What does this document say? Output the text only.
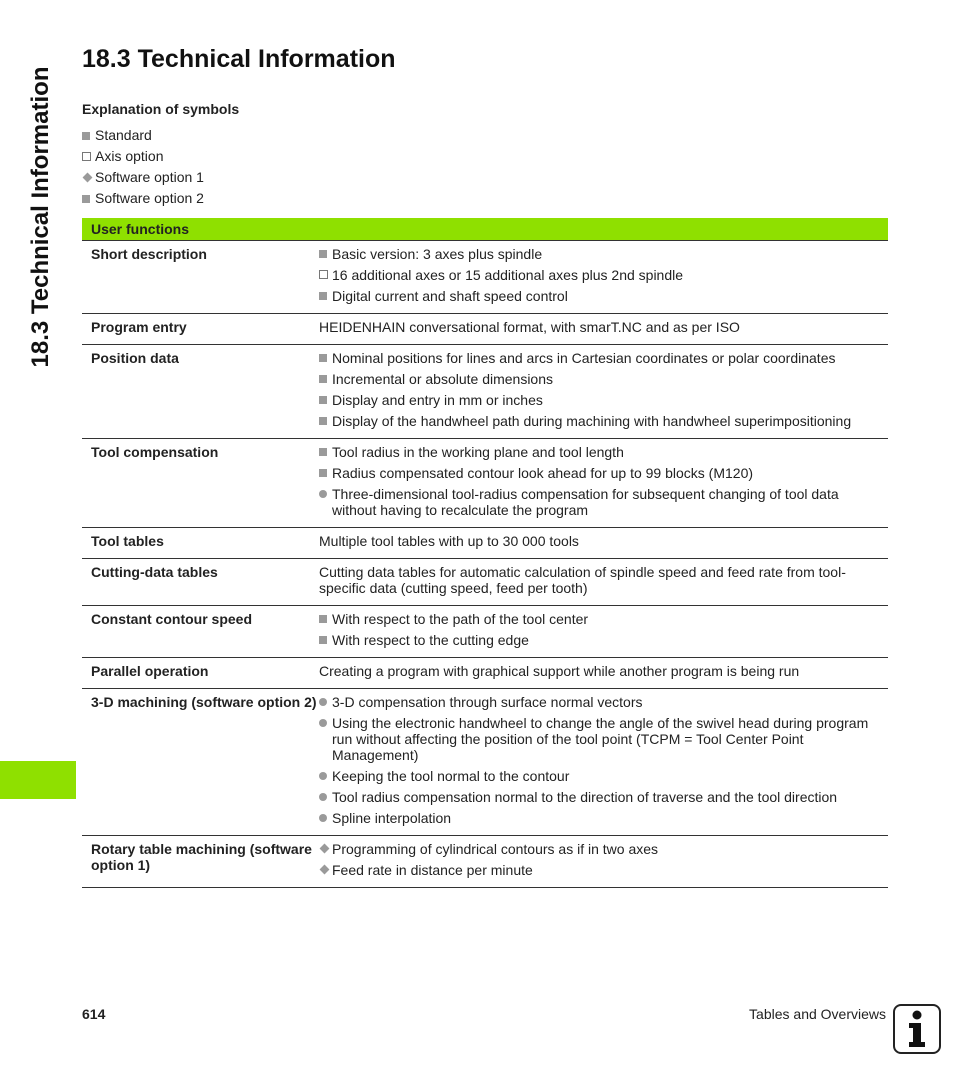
18.3 Technical Information
18.3 Technical Information
Explanation of symbols
Standard
Axis option
Software option 1
Software option 2
User functions	
Short description	Basic version: 3 axes plus spindle
16 additional axes or 15 additional axes plus 2nd spindle
Digital current and shaft speed control

Program entry	HEIDENHAIN conversational format, with smarT.NC and as per ISO

Position data	Nominal positions for lines and arcs in Cartesian coordinates or polar coordinates
Incremental or absolute dimensions
Display and entry in mm or inches
Display of the handwheel path during machining with handwheel superimpositioning

Tool compensation	Tool radius in the working plane and tool length
Radius compensated contour look ahead for up to 99 blocks (M120)
Three-dimensional tool-radius compensation for subsequent changing of tool data without having to recalculate the program

Tool tables	Multiple tool tables with up to 30 000 tools

Cutting-data tables	Cutting data tables for automatic calculation of spindle speed and feed rate from tool-specific data (cutting speed, feed per tooth)

Constant contour speed	With respect to the path of the tool center
With respect to the cutting edge

Parallel operation	Creating a program with graphical support while another program is being run

3-D machining (software option 2)	3-D compensation through surface normal vectors
Using the electronic handwheel to change the angle of the swivel head during program run without affecting the position of the tool point (TCPM = Tool Center Point Management)
Keeping the tool normal to the contour
Tool radius compensation normal to the direction of traverse and the tool direction
Spline interpolation

Rotary table machining (software option 1)	Programming of cylindrical contours as if in two axes
Feed rate in distance per minute
614	Tables and Overviews
